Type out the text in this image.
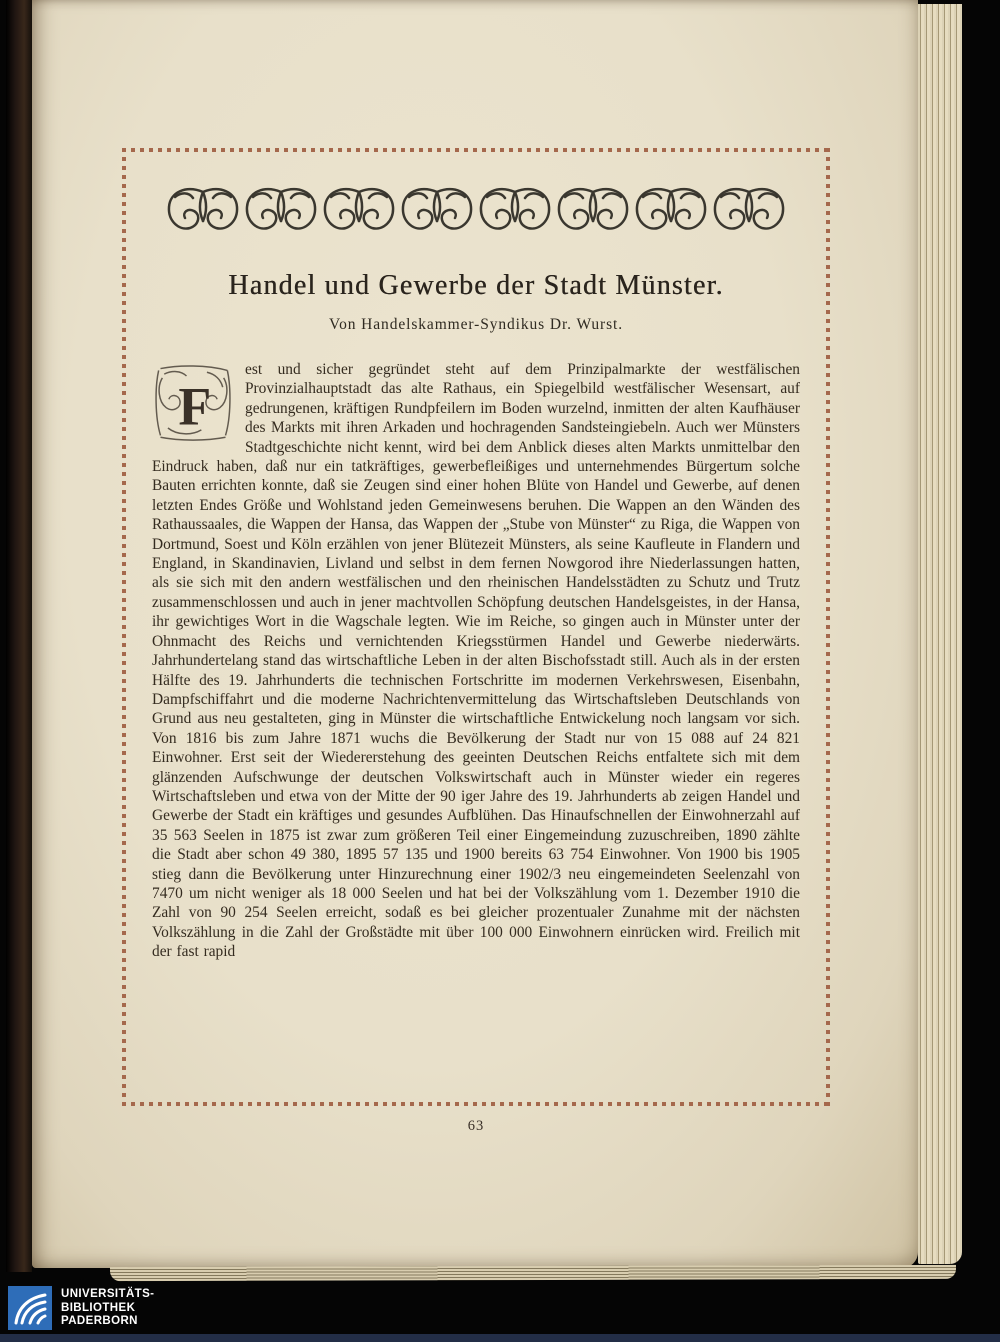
Handel und Gewerbe der Stadt Münster.
Von Handelskammer-Syndikus Dr. Wurst.
F
est und sicher gegründet steht auf dem Prinzipalmarkte der westfälischen Provinzialhauptstadt das alte Rathaus, ein Spiegelbild westfälischer Wesensart, auf gedrungenen, kräftigen Rundpfeilern im Boden wurzelnd, inmitten der alten Kaufhäuser des Markts mit ihren Arkaden und hochragenden Sandsteingiebeln. Auch wer Münsters Stadtgeschichte nicht kennt, wird bei dem Anblick dieses alten Markts unmittelbar den Eindruck haben, daß nur ein tatkräftiges, gewerbefleißiges und unternehmendes Bürgertum solche Bauten errichten konnte, daß sie Zeugen sind einer hohen Blüte von Handel und Gewerbe, auf denen letzten Endes Größe und Wohlstand jeden Gemeinwesens beruhen. Die Wappen an den Wänden des Rathaussaales, die Wappen der Hansa, das Wappen der „Stube von Münster“ zu Riga, die Wappen von Dortmund, Soest und Köln erzählen von jener Blütezeit Münsters, als seine Kaufleute in Flandern und England, in Skandinavien, Livland und selbst in dem fernen Nowgorod ihre Niederlassungen hatten, als sie sich mit den andern westfälischen und den rheinischen Handelsstädten zu Schutz und Trutz zusammenschlossen und auch in jener machtvollen Schöpfung deutschen Handelsgeistes, in der Hansa, ihr gewichtiges Wort in die Wagschale legten. Wie im Reiche, so gingen auch in Münster unter der Ohnmacht des Reichs und vernichtenden Kriegsstürmen Handel und Gewerbe niederwärts. Jahrhundertelang stand das wirtschaftliche Leben in der alten Bischofsstadt still. Auch als in der ersten Hälfte des 19. Jahrhunderts die technischen Fortschritte im modernen Verkehrswesen, Eisenbahn, Dampfschiffahrt und die moderne Nachrichtenvermittelung das Wirtschaftsleben Deutschlands von Grund aus neu gestalteten, ging in Münster die wirtschaftliche Entwickelung noch langsam vor sich. Von 1816 bis zum Jahre 1871 wuchs die Bevölkerung der Stadt nur von 15 088 auf 24 821 Einwohner. Erst seit der Wiedererstehung des geeinten Deutschen Reichs entfaltete sich mit dem glänzenden Aufschwunge der deutschen Volkswirtschaft auch in Münster wieder ein regeres Wirtschaftsleben und etwa von der Mitte der 90 iger Jahre des 19. Jahrhunderts ab zeigen Handel und Gewerbe der Stadt ein kräftiges und gesundes Aufblühen. Das Hinaufschnellen der Einwohnerzahl auf 35 563 Seelen in 1875 ist zwar zum größeren Teil einer Eingemeindung zuzuschreiben, 1890 zählte die Stadt aber schon 49 380, 1895 57 135 und 1900 bereits 63 754 Einwohner. Von 1900 bis 1905 stieg dann die Bevölkerung unter Hinzurechnung einer 1902/3 neu eingemeindeten Seelenzahl von 7470 um nicht weniger als 18 000 Seelen und hat bei der Volkszählung vom 1. Dezember 1910 die Zahl von 90 254 Seelen erreicht, sodaß es bei gleicher prozentualer Zunahme mit der nächsten Volkszählung in die Zahl der Großstädte mit über 100 000 Einwohnern einrücken wird. Freilich mit der fast rapid
63
UNIVERSITÄTS-
BIBLIOTHEK
PADERBORN
